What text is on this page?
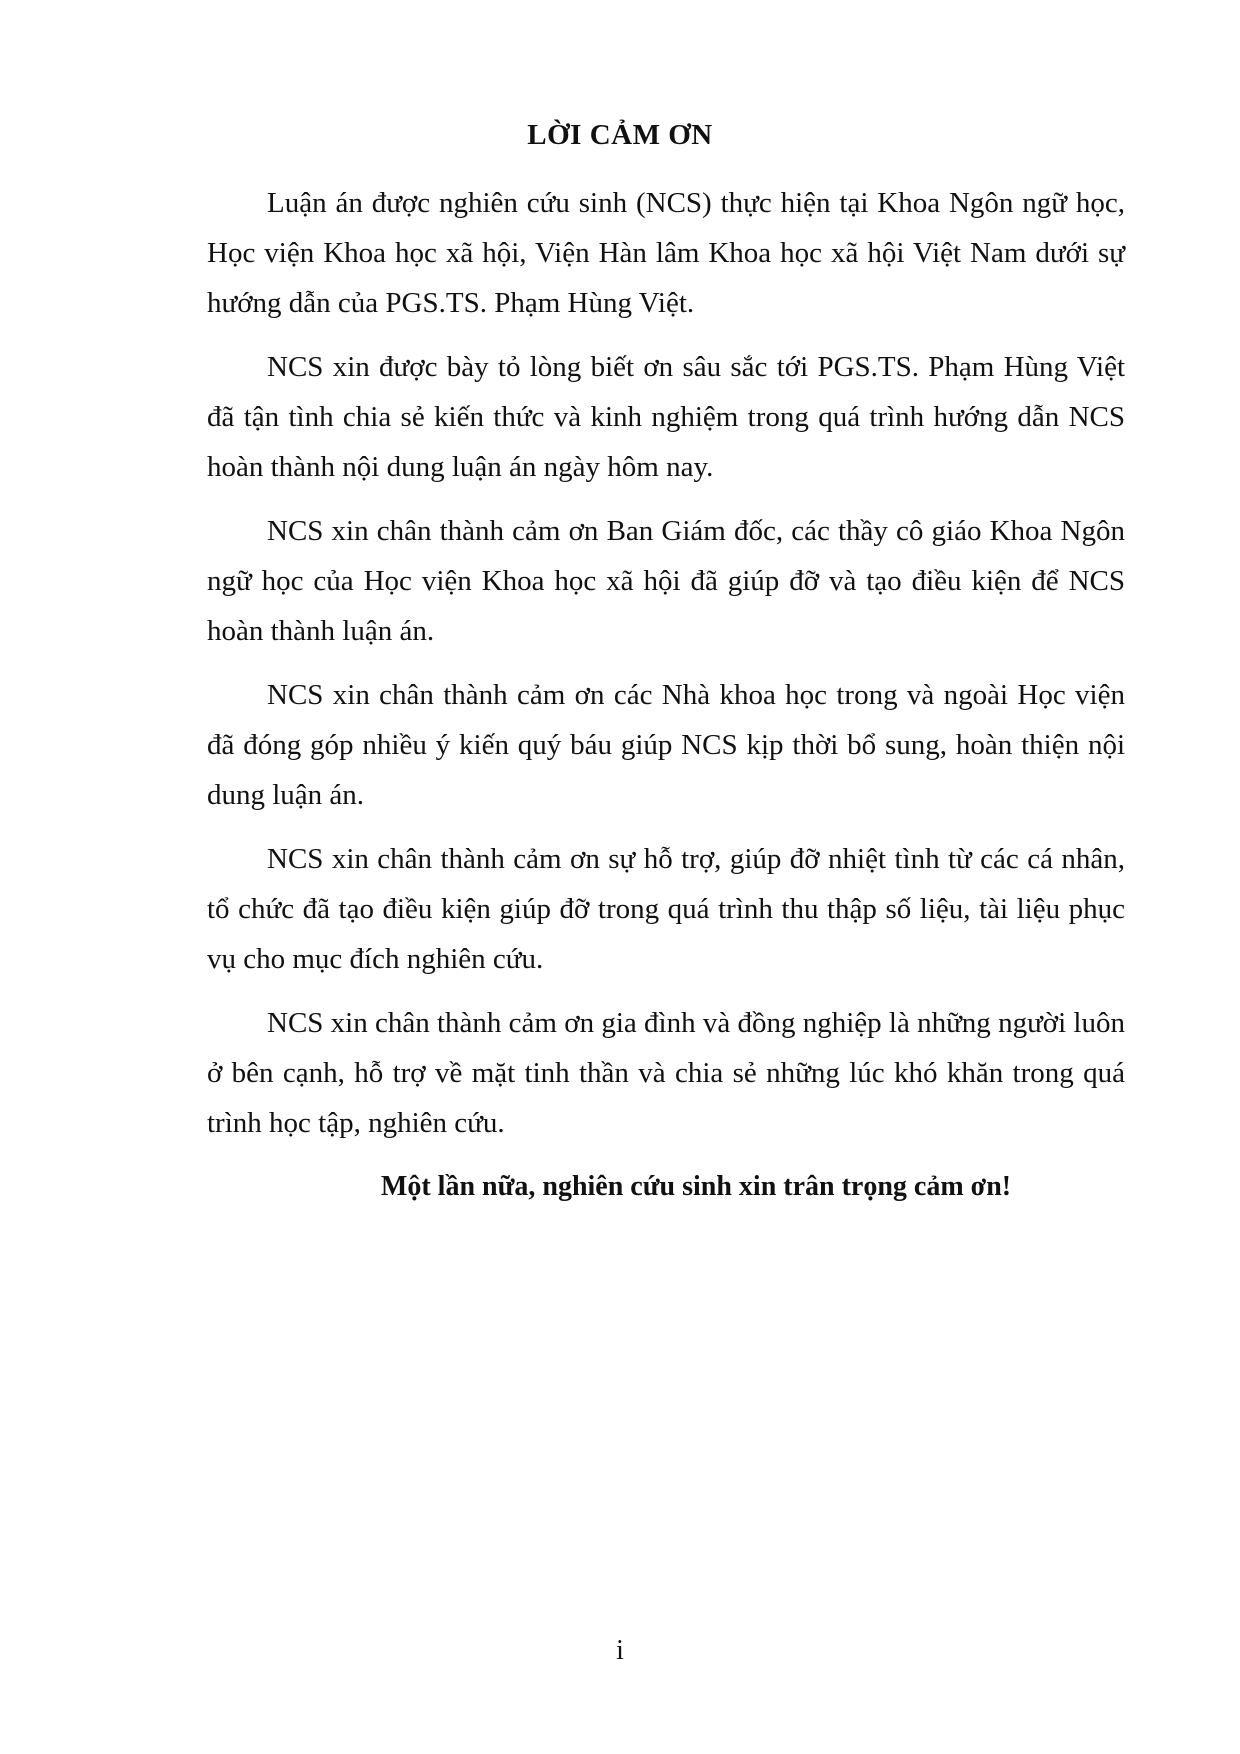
LỜI CẢM ƠN

Luận án được nghiên cứu sinh (NCS) thực hiện tại Khoa Ngôn ngữ học, Học viện Khoa học xã hội, Viện Hàn lâm Khoa học xã hội Việt Nam dưới sự hướng dẫn của PGS.TS. Phạm Hùng Việt.

NCS xin được bày tỏ lòng biết ơn sâu sắc tới PGS.TS. Phạm Hùng Việt đã tận tình chia sẻ kiến thức và kinh nghiệm trong quá trình hướng dẫn NCS hoàn thành nội dung luận án ngày hôm nay.

NCS xin chân thành cảm ơn Ban Giám đốc, các thầy cô giáo Khoa Ngôn ngữ học của Học viện Khoa học xã hội đã giúp đỡ và tạo điều kiện để NCS hoàn thành luận án.

NCS xin chân thành cảm ơn các Nhà khoa học trong và ngoài Học viện đã đóng góp nhiều ý kiến quý báu giúp NCS kịp thời bổ sung, hoàn thiện nội dung luận án.

NCS xin chân thành cảm ơn sự hỗ trợ, giúp đỡ nhiệt tình từ các cá nhân, tổ chức đã tạo điều kiện giúp đỡ trong quá trình thu thập số liệu, tài liệu phục vụ cho mục đích nghiên cứu.

NCS xin chân thành cảm ơn gia đình và đồng nghiệp là những người luôn ở bên cạnh, hỗ trợ về mặt tinh thần và chia sẻ những lúc khó khăn trong quá trình học tập, nghiên cứu.

Một lần nữa, nghiên cứu sinh xin trân trọng cảm ơn!

i
